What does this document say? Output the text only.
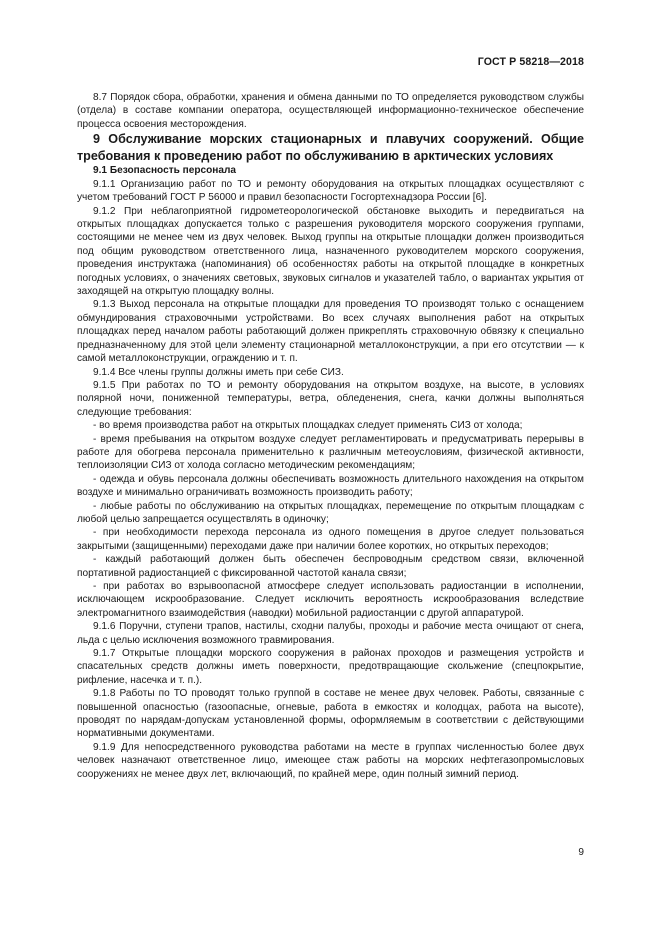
ГОСТ Р 58218—2018

8.7 Порядок сбора, обработки, хранения и обмена данными по ТО определяется руководством службы (отдела) в составе компании оператора, осуществляющей информационно-техническое обеспечение процесса освоения месторождения.

9 Обслуживание морских стационарных и плавучих сооружений. Общие требования к проведению работ по обслуживанию в арктических условиях

9.1 Безопасность персонала

9.1.1 Организацию работ по ТО и ремонту оборудования на открытых площадках осуществляют с учетом требований ГОСТ Р 56000 и правил безопасности Госгортехнадзора России [6].

9.1.2 При неблагоприятной гидрометеорологической обстановке выходить и передвигаться на открытых площадках допускается только с разрешения руководителя морского сооружения группами, состоящими не менее чем из двух человек. Выход группы на открытые площадки должен производиться под общим руководством ответственного лица, назначенного руководителем морского сооружения, проведения инструктажа (напоминания) об особенностях работы на открытой площадке в конкретных погодных условиях, о значениях световых, звуковых сигналов и указателей табло, о вариантах укрытия от заходящей на открытую площадку волны.

9.1.3 Выход персонала на открытые площадки для проведения ТО производят только с оснащением обмундирования страховочными устройствами. Во всех случаях выполнения работ на открытых площадках перед началом работы работающий должен прикреплять страховочную обвязку к специально предназначенному для этой цели элементу стационарной металлоконструкции, а при его отсутствии — к самой металлоконструкции, ограждению и т. п.

9.1.4 Все члены группы должны иметь при себе СИЗ.

9.1.5 При работах по ТО и ремонту оборудования на открытом воздухе, на высоте, в условиях полярной ночи, пониженной температуры, ветра, обледенения, снега, качки должны выполняться следующие требования:

- во время производства работ на открытых площадках следует применять СИЗ от холода;

- время пребывания на открытом воздухе следует регламентировать и предусматривать перерывы в работе для обогрева персонала применительно к различным метеоусловиям, физической активности, теплоизоляции СИЗ от холода согласно методическим рекомендациям;

- одежда и обувь персонала должны обеспечивать возможность длительного нахождения на открытом воздухе и минимально ограничивать возможность производить работу;

- любые работы по обслуживанию на открытых площадках, перемещение по открытым площадкам с любой целью запрещается осуществлять в одиночку;

- при необходимости перехода персонала из одного помещения в другое следует пользоваться закрытыми (защищенными) переходами даже при наличии более коротких, но открытых переходов;

- каждый работающий должен быть обеспечен беспроводным средством связи, включенной портативной радиостанцией с фиксированной частотой канала связи;

- при работах во взрывоопасной атмосфере следует использовать радиостанции в исполнении, исключающем искрообразование. Следует исключить вероятность искрообразования вследствие электромагнитного взаимодействия (наводки) мобильной радиостанции с другой аппаратурой.

9.1.6 Поручни, ступени трапов, настилы, сходни палубы, проходы и рабочие места очищают от снега, льда с целью исключения возможного травмирования.

9.1.7 Открытые площадки морского сооружения в районах проходов и размещения устройств и спасательных средств должны иметь поверхности, предотвращающие скольжение (спецпокрытие, рифление, насечка и т. п.).

9.1.8 Работы по ТО проводят только группой в составе не менее двух человек. Работы, связанные с повышенной опасностью (газоопасные, огневые, работа в емкостях и колодцах, работа на высоте), проводят по нарядам-допускам установленной формы, оформляемым в соответствии с действующими нормативными документами.

9.1.9 Для непосредственного руководства работами на месте в группах численностью более двух человек назначают ответственное лицо, имеющее стаж работы на морских нефтегазопромысловых сооружениях не менее двух лет, включающий, по крайней мере, один полный зимний период.

9
